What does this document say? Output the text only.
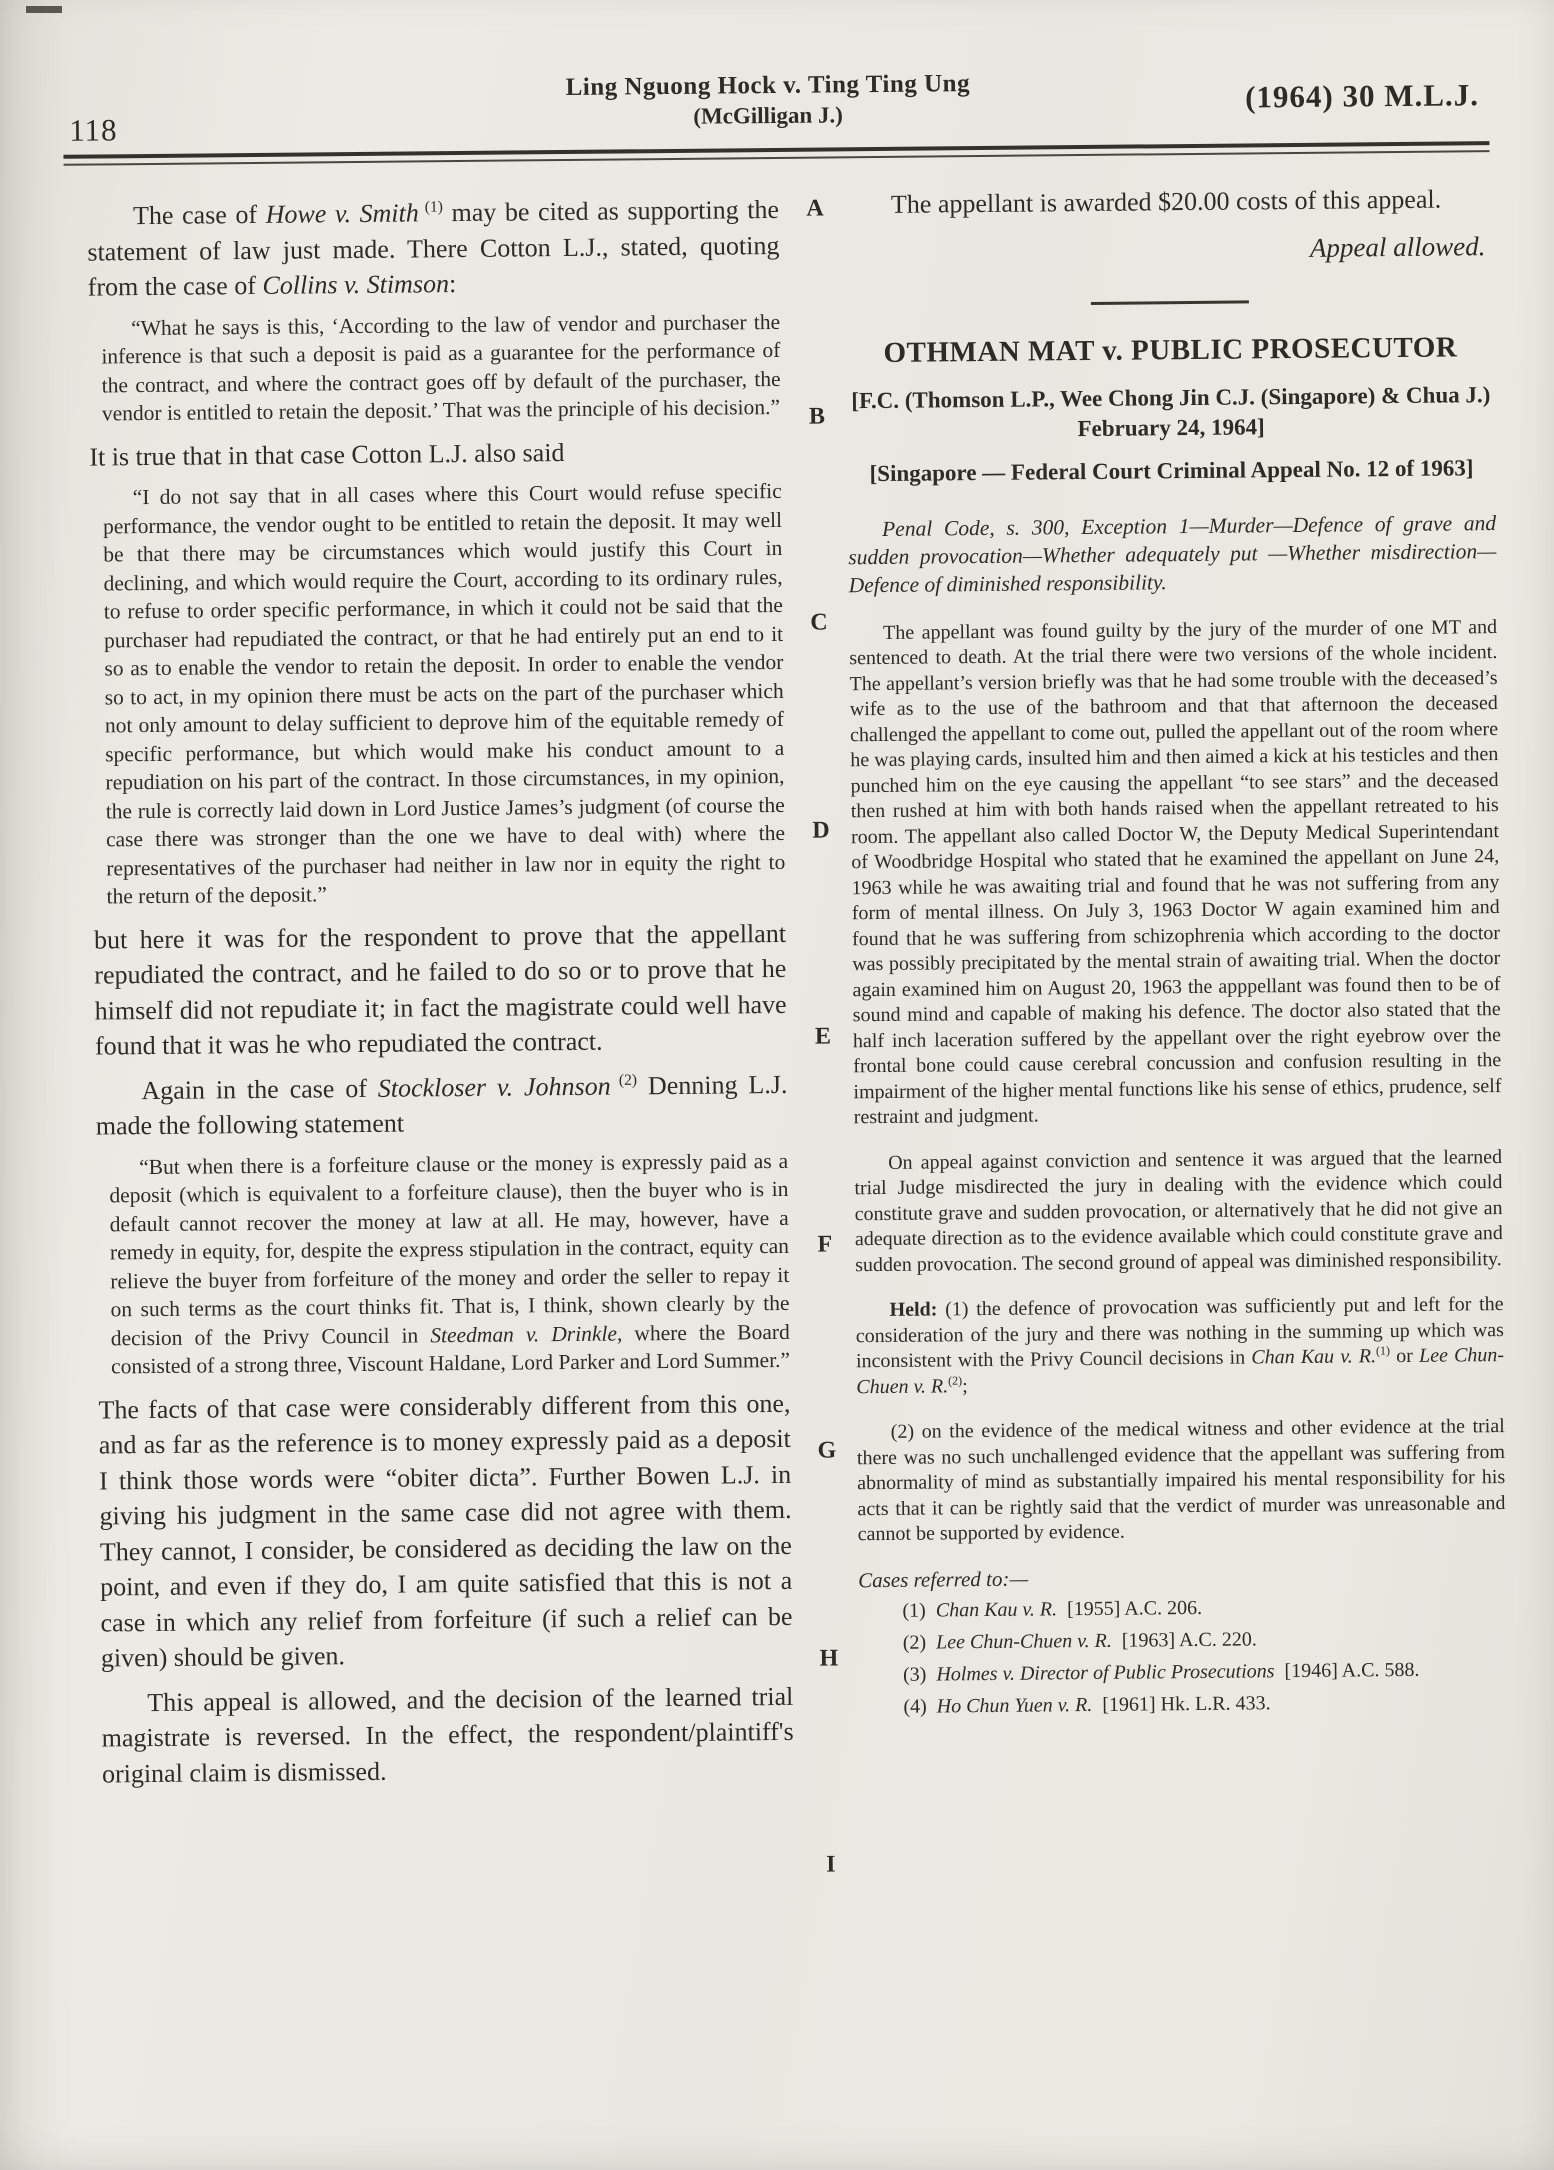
118
Ling Nguong Hock v. Ting Ting Ung
(McGilligan J.)
(1964) 30 M.L.J.
A
B
C
D
E
F
G
H
I

The case of Howe v. Smith $^{(1)}$ may be cited as supporting the statement of law just made. There Cotton L.J., stated, quoting from the case of Collins v. Stimson:

“What he says is this, ‘According to the law of vendor and purchaser the inference is that such a deposit is paid as a guarantee for the performance of the contract, and where the contract goes off by default of the purchaser, the vendor is entitled to retain the deposit.’ That was the principle of his decision.”

It is true that in that case Cotton L.J. also said

“I do not say that in all cases where this Court would refuse specific performance, the vendor ought to be entitled to retain the deposit. It may well be that there may be circumstances which would justify this Court in declining, and which would require the Court, according to its ordinary rules, to refuse to order specific performance, in which it could not be said that the purchaser had repudiated the contract, or that he had entirely put an end to it so as to enable the vendor to retain the deposit. In order to enable the vendor so to act, in my opinion there must be acts on the part of the purchaser which not only amount to delay sufficient to deprove him of the equitable remedy of specific performance, but which would make his conduct amount to a repudiation on his part of the contract. In those circumstances, in my opinion, the rule is correctly laid down in Lord Justice James’s judgment (of course the case there was stronger than the one we have to deal with) where the representatives of the purchaser had neither in law nor in equity the right to the return of the deposit.”

but here it was for the respondent to prove that the appellant repudiated the contract, and he failed to do so or to prove that he himself did not repudiate it; in fact the magistrate could well have found that it was he who repudiated the contract.

Again in the case of Stockloser v. Johnson $^{(2)}$ Denning L.J. made the following statement

“But when there is a forfeiture clause or the money is expressly paid as a deposit (which is equivalent to a forfeiture clause), then the buyer who is in default cannot recover the money at law at all. He may, however, have a remedy in equity, for, despite the express stipulation in the contract, equity can relieve the buyer from forfeiture of the money and order the seller to repay it on such terms as the court thinks fit. That is, I think, shown clearly by the decision of the Privy Council in Steedman v. Drinkle, where the Board consisted of a strong three, Viscount Haldane, Lord Parker and Lord Summer.”

The facts of that case were considerably different from this one, and as far as the reference is to money expressly paid as a deposit I think those words were “obiter dicta”. Further Bowen L.J. in giving his judgment in the same case did not agree with them. They cannot, I consider, be considered as deciding the law on the point, and even if they do, I am quite satisfied that this is not a case in which any relief from forfeiture (if such a relief can be given) should be given.

This appeal is allowed, and the decision of the learned trial magistrate is reversed. In the effect, the respondent/plaintiff's original claim is dismissed.

The appellant is awarded $20.00 costs of this appeal.

Appeal allowed.
OTHMAN MAT v. PUBLIC PROSECUTOR
[F.C. (Thomson L.P., Wee Chong Jin C.J. (Singapore) & Chua J.) February 24, 1964]
[Singapore — Federal Court Criminal Appeal No. 12 of 1963]

Penal Code, s. 300, Exception 1—Murder—Defence of grave and sudden provocation—Whether adequately put —Whether misdirection—Defence of diminished responsibility.

The appellant was found guilty by the jury of the murder of one MT and sentenced to death. At the trial there were two versions of the whole incident. The appellant’s version briefly was that he had some trouble with the deceased’s wife as to the use of the bathroom and that that afternoon the deceased challenged the appellant to come out, pulled the appellant out of the room where he was playing cards, insulted him and then aimed a kick at his testicles and then punched him on the eye causing the appellant “to see stars” and the deceased then rushed at him with both hands raised when the appellant retreated to his room. The appellant also called Doctor W, the Deputy Medical Superintendant of Woodbridge Hospital who stated that he examined the appellant on June 24, 1963 while he was awaiting trial and found that he was not suffering from any form of mental illness. On July 3, 1963 Doctor W again examined him and found that he was suffering from schizophrenia which according to the doctor was possibly precipitated by the mental strain of awaiting trial. When the doctor again examined him on August 20, 1963 the apppellant was found then to be of sound mind and capable of making his defence. The doctor also stated that the half inch laceration suffered by the appellant over the right eyebrow over the frontal bone could cause cerebral concussion and confusion resulting in the impairment of the higher mental functions like his sense of ethics, prudence, self restraint and judgment.

On appeal against conviction and sentence it was argued that the learned trial Judge misdirected the jury in dealing with the evidence which could constitute grave and sudden provocation, or alternatively that he did not give an adequate direction as to the evidence available which could constitute grave and sudden provocation. The second ground of appeal was diminished responsibility.

Held: (1) the defence of provocation was sufficiently put and left for the consideration of the jury and there was nothing in the summing up which was inconsistent with the Privy Council decisions in Chan Kau v. R.$^{(1)}$ or Lee Chun-Chuen v. R.$^{(2)}$;

(2) on the evidence of the medical witness and other evidence at the trial there was no such unchallenged evidence that the appellant was suffering from abnormality of mind as substantially impaired his mental responsibility for his acts that it can be rightly said that the verdict of murder was unreasonable and cannot be supported by evidence.

Cases referred to:—
(1) Chan Kau v. R. [1955] A.C. 206.
(2) Lee Chun-Chuen v. R. [1963] A.C. 220.
(3) Holmes v. Director of Public Prosecutions [1946] A.C. 588.
(4) Ho Chun Yuen v. R. [1961] Hk. L.R. 433.
